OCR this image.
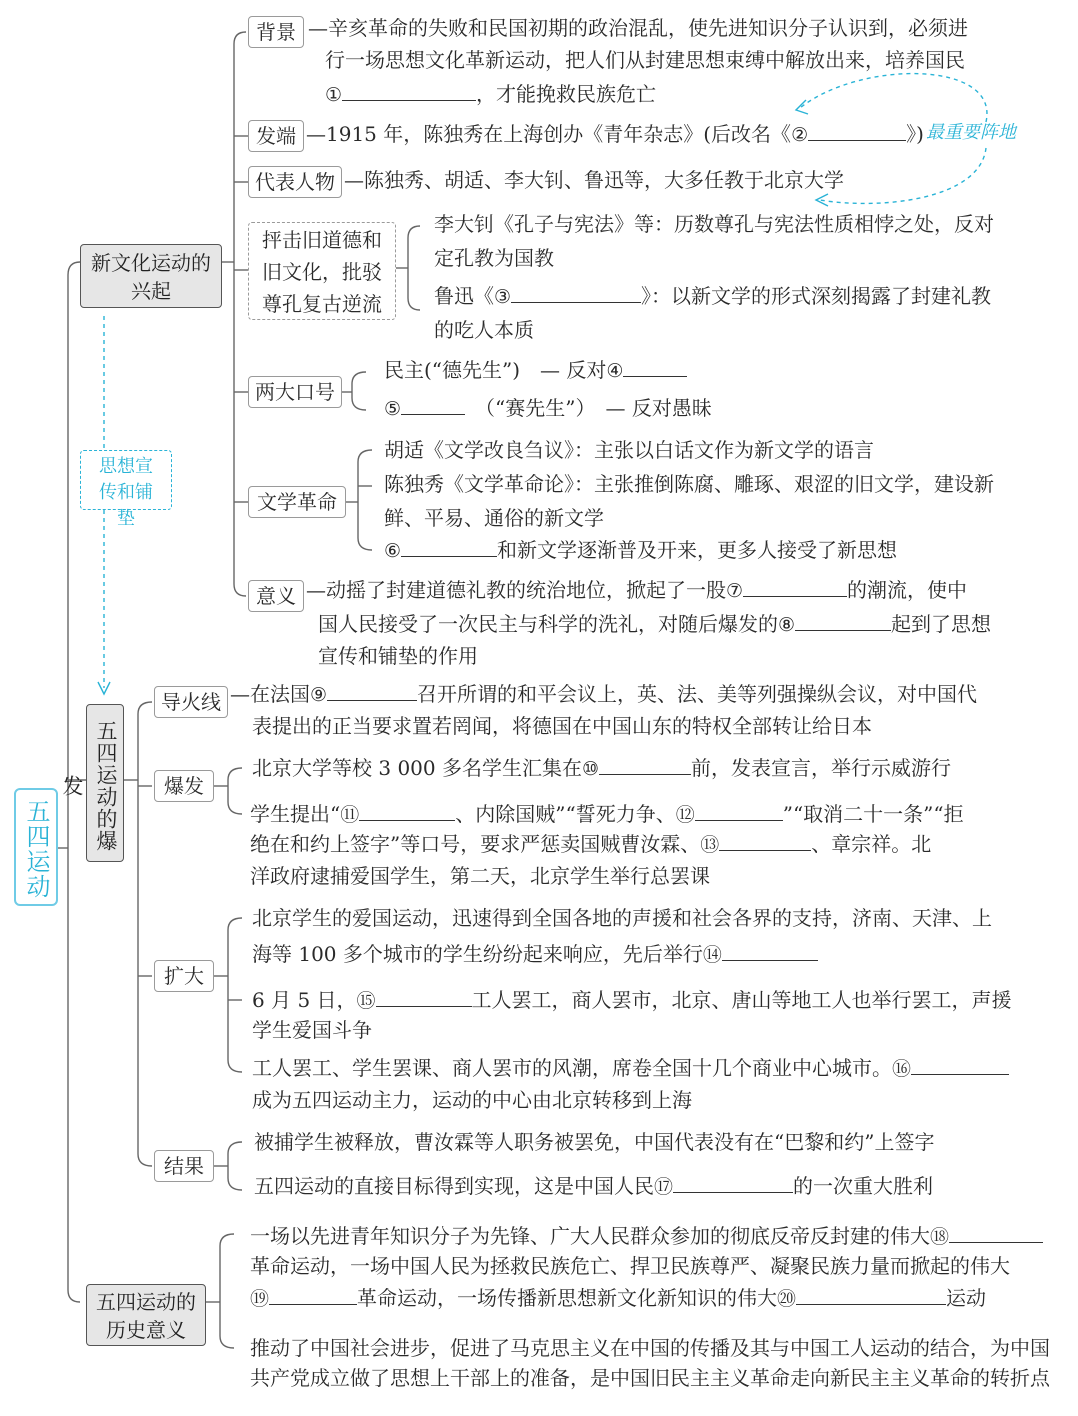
五四运动
思想宣传和铺垫
最重要阵地
新文化运动的兴起
背景 —辛亥革命的失败和民国初期的政治混乱，使先进知识分子认识到，必须进
行一场思想文化革新运动，把人们从封建思想束缚中解放出来，培养国民
①	，才能挽救民族危亡
发端 —1915 年，陈独秀在上海创办《青年杂志》(后改名《②	》)
代表人物 —陈独秀、胡适、李大钊、鲁迅等，大多任教于北京大学
抨击旧道德和
旧文化，批驳
尊孔复古逆流
李大钊《孔子与宪法》等：历数尊孔与宪法性质相悖之处，反对
定孔教为国教
鲁迅《③	》：以新文学的形式深刻揭露了封建礼教
的吃人本质
两大口号
民主(“德先生”)　— 反对④
⑤　	（“赛先生”）　— 反对愚昧
文学革命
胡适《文学改良刍议》：主张以白话文作为新文学的语言
陈独秀《文学革命论》：主张推倒陈腐、雕琢、艰涩的旧文学，建设新
鲜、平易、通俗的新文学
⑥	和新文学逐渐普及开来，更多人接受了新思想
意义 —动摇了封建道德礼教的统治地位，掀起了一股⑦	的潮流，使中
国人民接受了一次民主与科学的洗礼，对随后爆发的⑧	起到了思想
宣传和铺垫的作用
五四运动的爆发
导火线 —在法国⑨	召开所谓的和平会议上，英、法、美等列强操纵会议，对中国代
表提出的正当要求置若罔闻，将德国在中国山东的特权全部转让给日本
爆发
北京大学等校 3 000 多名学生汇集在⑩	前，发表宣言，举行示威游行
学生提出“⑪	、内除国贼”“誓死力争、⑫	”“取消二十一条”“拒
绝在和约上签字”等口号，要求严惩卖国贼曹汝霖、⑬	、章宗祥。北
洋政府逮捕爱国学生，第二天，北京学生举行总罢课
扩大
北京学生的爱国运动，迅速得到全国各地的声援和社会各界的支持，济南、天津、上
海等 100 多个城市的学生纷纷起来响应，先后举行⑭
6 月 5 日，⑮	工人罢工，商人罢市，北京、唐山等地工人也举行罢工，声援
学生爱国斗争
工人罢工、学生罢课、商人罢市的风潮，席卷全国十几个商业中心城市。⑯
成为五四运动主力，运动的中心由北京转移到上海
结果
被捕学生被释放，曹汝霖等人职务被罢免，中国代表没有在“巴黎和约”上签字
五四运动的直接目标得到实现，这是中国人民⑰	的一次重大胜利
五四运动的历史意义
一场以先进青年知识分子为先锋、广大人民群众参加的彻底反帝反封建的伟大⑱
革命运动，一场中国人民为拯救民族危亡、捍卫民族尊严、凝聚民族力量而掀起的伟大
⑲	革命运动，一场传播新思想新文化新知识的伟大⑳	运动
推动了中国社会进步，促进了马克思主义在中国的传播及其与中国工人运动的结合，为中国
共产党成立做了思想上干部上的准备，是中国旧民主主义革命走向新民主主义革命的转折点
